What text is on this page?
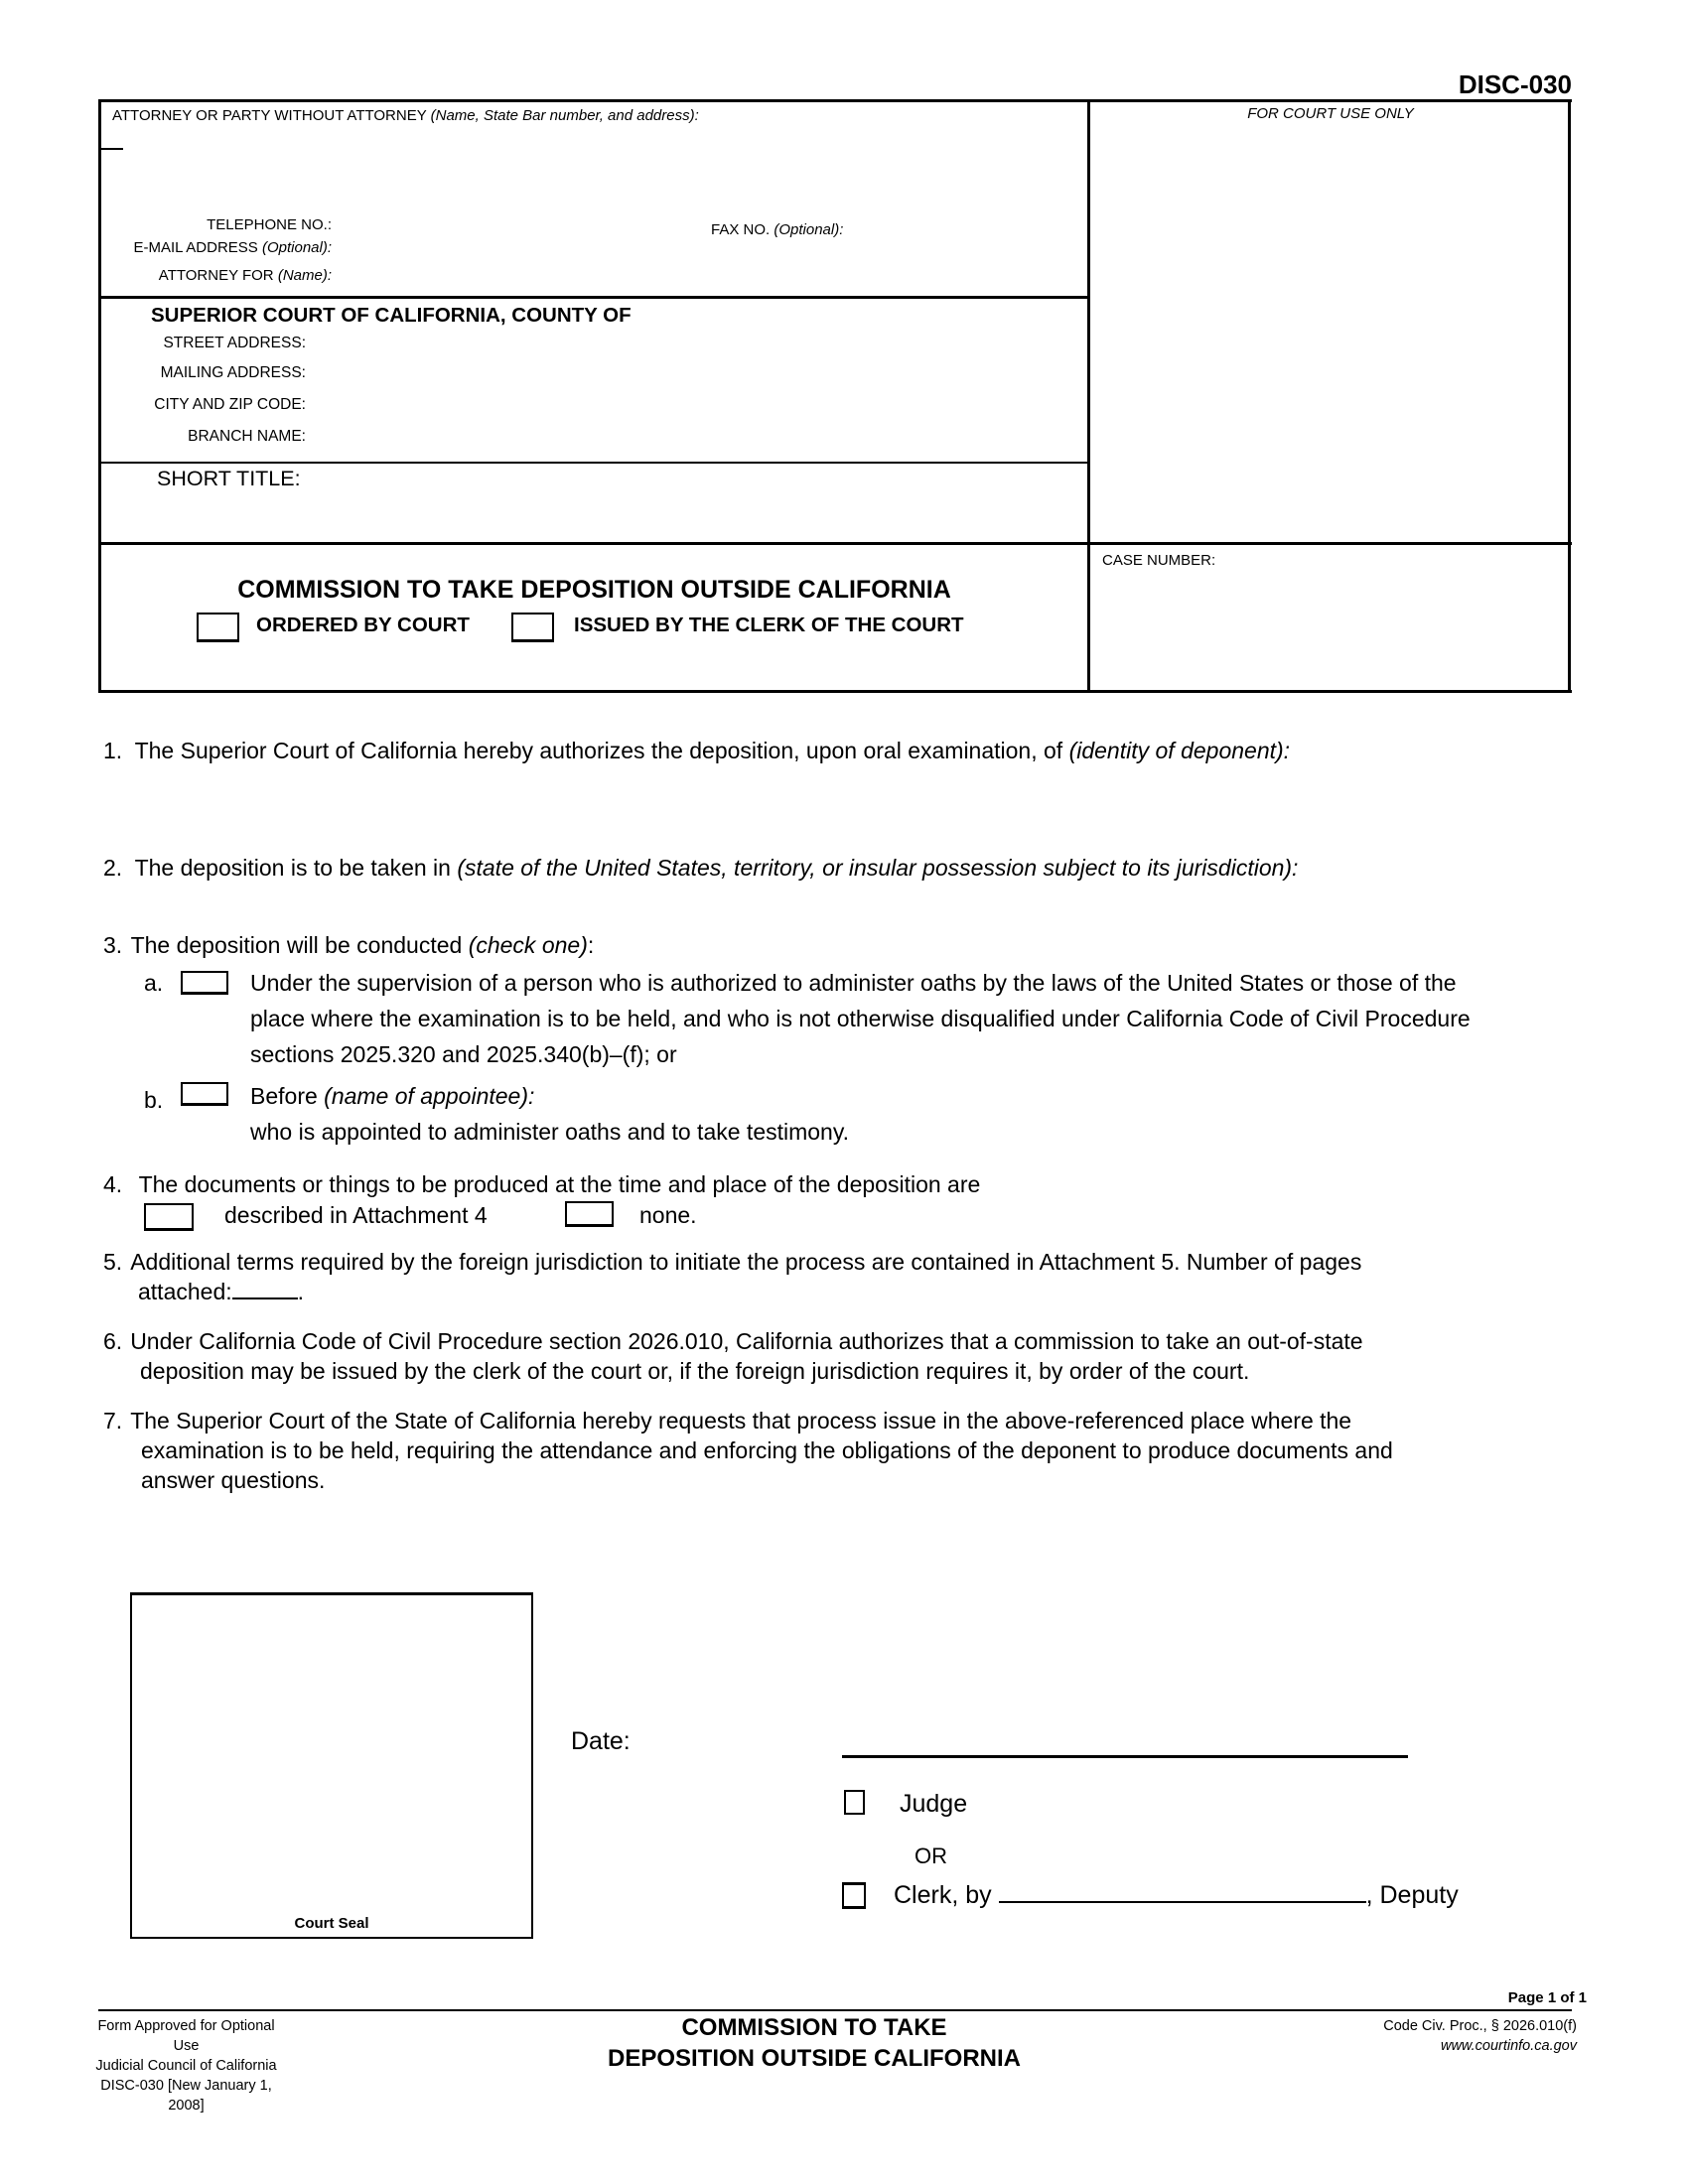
DISC-030
ATTORNEY OR PARTY WITHOUT ATTORNEY (Name, State Bar number, and address):
TELEPHONE NO.:	FAX NO. (Optional):
E-MAIL ADDRESS (Optional):
ATTORNEY FOR (Name):
FOR COURT USE ONLY
SUPERIOR COURT OF CALIFORNIA, COUNTY OF
STREET ADDRESS:
MAILING ADDRESS:
CITY AND ZIP CODE:
BRANCH NAME:
SHORT TITLE:
COMMISSION TO TAKE DEPOSITION OUTSIDE CALIFORNIA
ORDERED BY COURT	ISSUED BY THE CLERK OF THE COURT
CASE NUMBER:
1. The Superior Court of California hereby authorizes the deposition, upon oral examination, of (identity of deponent):
2. The deposition is to be taken in (state of the United States, territory, or insular possession subject to its jurisdiction):
3. The deposition will be conducted (check one):
a.	Under the supervision of a person who is authorized to administer oaths by the laws of the United States or those of the
place where the examination is to be held, and who is not otherwise disqualified under California Code of Civil Procedure
sections 2025.320 and 2025.340(b)–(f); or
b.	Before (name of appointee):
who is appointed to administer oaths and to take testimony.
4. The documents or things to be produced at the time and place of the deposition are
described in Attachment 4	none.
5. Additional terms required by the foreign jurisdiction to initiate the process are contained in Attachment 5. Number of pages
attached:	.
6. Under California Code of Civil Procedure section 2026.010, California authorizes that a commission to take an out-of-state
deposition may be issued by the clerk of the court or, if the foreign jurisdiction requires it, by order of the court.
7. The Superior Court of the State of California hereby requests that process issue in the above-referenced place where the
examination is to be held, requiring the attendance and enforcing the obligations of the deponent to produce documents and
answer questions.
Court Seal
Date:
Judge
OR
Clerk, by	, Deputy
Page 1 of 1
Form Approved for Optional Use
Judicial Council of California
DISC-030 [New January 1, 2008]
COMMISSION TO TAKE
DEPOSITION OUTSIDE CALIFORNIA
Code Civ. Proc., § 2026.010(f)
www.courtinfo.ca.gov
